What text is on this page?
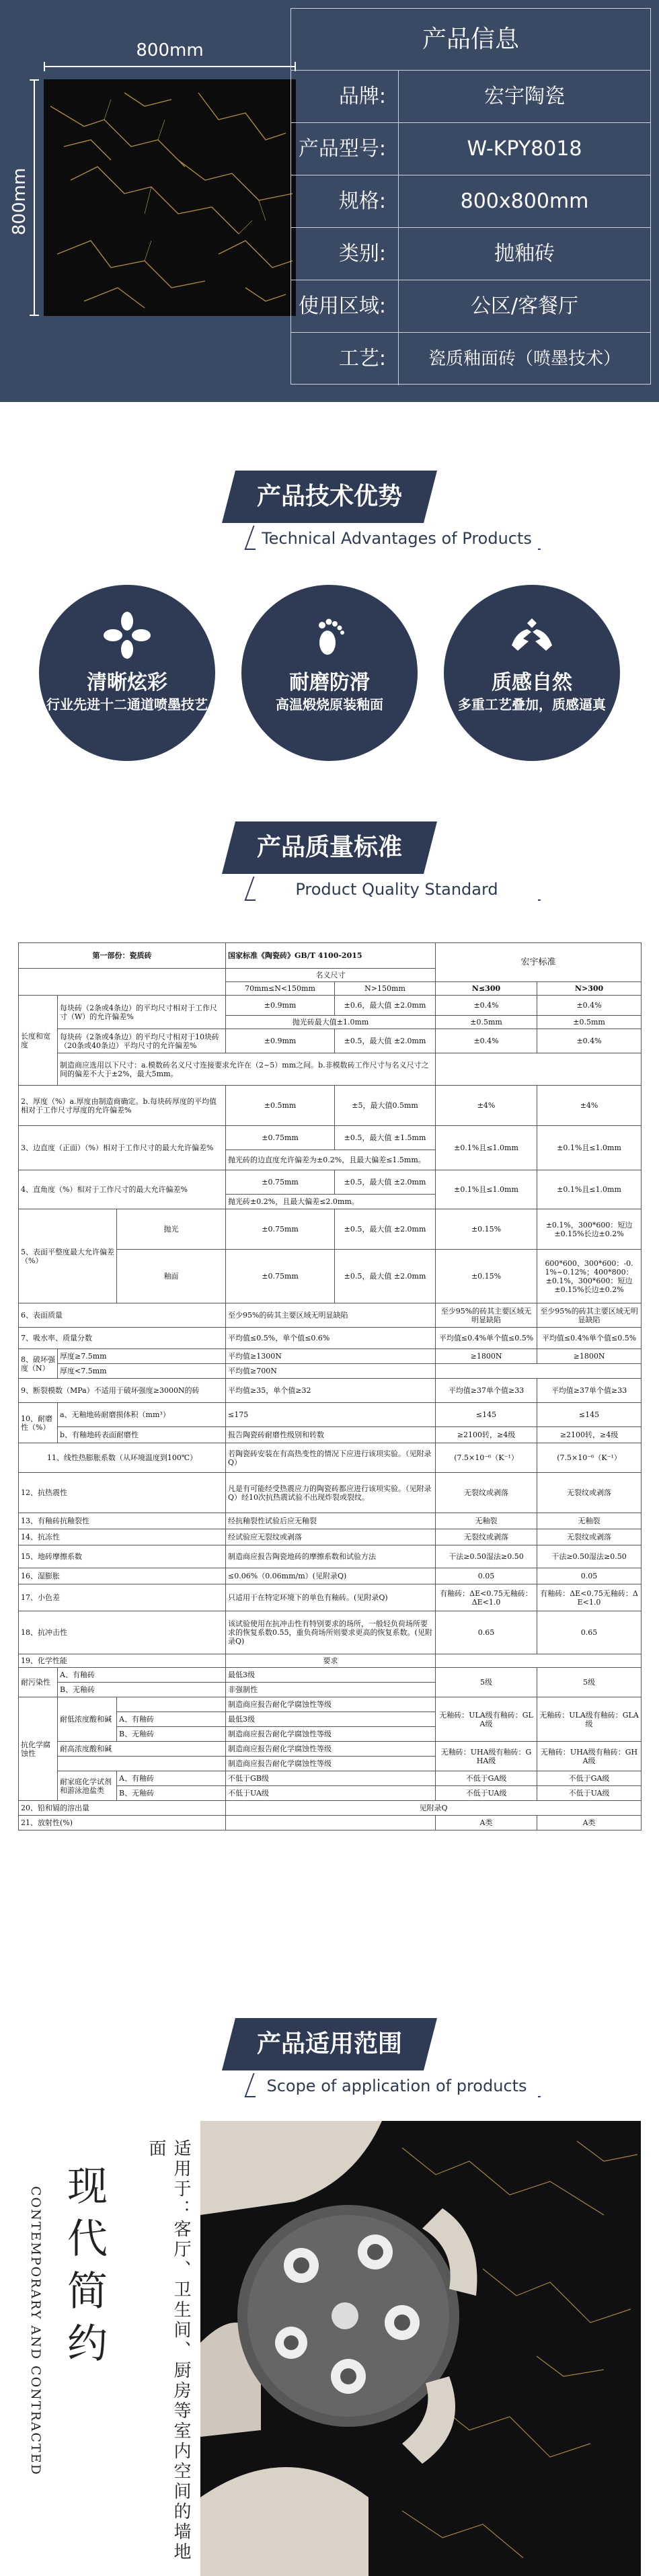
800mm
800mm
产品信息
品牌:	宏宇陶瓷
产品型号:	W-KPY8018
规格:	800x800mm
类别:	抛釉砖
使用区域:	公区/客餐厅
工艺:	瓷质釉面砖（喷墨技术）
产品技术优势
Technical Advantages of Products
清晰炫彩
行业先进十二通道喷墨技艺
耐磨防滑
高温煅烧原装釉面
质感自然
多重工艺叠加，质感逼真
产品质量标准
Product Quality Standard
第一部份：瓷质砖			国家标准《陶瓷砖》GB/T 4100-2015		宏宇标准	
			名义尺寸			
			70mm≤N<150mm	N>150mm	N≤300	N>300
长度和宽度	每块砖（2条或4条边）的平均尺寸相对于工作尺寸（W）的允许偏差%		±0.9mm	±0.6，最大值 ±2.0mm	±0.4%	±0.4%
			抛光砖最大值±1.0mm		±0.5mm	±0.5mm
	每块砖（2条或4条边）的平均尺寸相对于10块砖（20条或40条边）平均尺寸的允许偏差%		±0.9mm	±0.5，最大值 ±2.0mm	±0.4%	±0.4%
	制造商应选用以下尺寸：a.模数砖名义尺寸连接要求允许在（2~5）mm之间。b.非模数砖工作尺寸与名义尺寸之间的偏差不大于±2%，最大5mm。					
2、厚度（%）a.厚度由制造商确定。b.每块砖厚度的平均值相对于工作尺寸厚度的允许偏差%			±0.5mm	±5，最大值0.5mm	±4%	±4%
3、边直度（正面）（%）相对于工作尺寸的最大允许偏差%			±0.75mm	±0.5，最大值 ±1.5mm	±0.1%且≤1.0mm	±0.1%且≤1.0mm
			抛光砖的边直度允许偏差为±0.2%，且最大偏差≤1.5mm。			
4、直角度（%）相对于工作尺寸的最大允许偏差%			±0.75mm	±0.5，最大值 ±2.0mm	±0.1%且≤1.0mm	±0.1%且≤1.0mm
			抛光砖±0.2%，且最大偏差≤2.0mm。			
5、表面平整度最大允许偏差（%）		抛光	±0.75mm	±0.5，最大值 ±2.0mm	±0.15%	±0.1%，300*600：短边±0.15%长边±0.2%
		釉面	±0.75mm	±0.5，最大值 ±2.0mm	±0.15%	600*600、300*600：-0.1%~0.12%；400*800：±0.1%，300*600：短边±0.15%长边±0.2%
6、表面质量			至少95%的砖其主要区域无明显缺陷		至少95%的砖其主要区域无明显缺陷	至少95%的砖其主要区域无明显缺陷
7、吸水率、质量分数			平均值≤0.5%，单个值≤0.6%		平均值≤0.4%单个值≤0.5%	平均值≤0.4%单个值≤0.5%
8、破坏强度（N）	厚度≥7.5mm		平均值≥1300N		≥1800N	≥1800N
	厚度<7.5mm		平均值≥700N			
9、断裂模数（MPa）不适用于破坏强度≥3000N的砖			平均值≥35，单个值≥32		平均值≥37单个值≥33	平均值≥37单个值≥33
10、耐磨性（%）	a、无釉地砖耐磨损体积（mm³）		≤175		≤145	≤145
	b、有釉地砖表面耐磨性		报告陶瓷砖耐磨性级别和转数		≥2100转，≥4级	≥2100转，≥4级
11、线性热膨胀系数（从环境温度到100℃）			若陶瓷砖安装在有高热变性的情况下应进行该项实验。（见附录Q）		(7.5×10⁻⁶（K⁻¹）	(7.5×10⁻⁶（K⁻¹）
12、抗热震性			凡是有可能经受热震应力的陶瓷砖都应进行该项实验。（见附录Q）经10次抗热震试验不出现炸裂或裂纹。		无裂纹或剥落	无裂纹或剥落
13、有釉砖抗釉裂性			经抗釉裂性试验后应无釉裂		无釉裂	无釉裂
14、抗冻性			经试验应无裂纹或剥落		无裂纹或剥落	无裂纹或剥落
15、地砖摩擦系数			制造商应报告陶瓷地砖的摩擦系数和试验方法		干法≥0.50湿法≥0.50	干法≥0.50湿法≥0.50
16、湿膨胀			≤0.06%（0.06mm/m）(见附录Q)		0.05	0.05
17、小色差			只适用于在特定环境下的单色有釉砖。(见附录Q)		有釉砖：ΔE<0.75无釉砖：ΔE<1.0	有釉砖：ΔE<0.75无釉砖：ΔE<1.0
18、抗冲击性			该试验使用在抗冲击性有特别要求的场所，一般轻负荷场所要求的恢复系数0.55，重负荷场所则要求更高的恢复系数。(见附录Q)		0.65	0.65
19、化学性能			要求			
耐污染性	A、有釉砖		最低3级		5级	5级
	B、无釉砖		非强制性			
抗化学腐蚀性	耐低浓度酸和碱		制造商应报告耐化学腐蚀性等级		无釉砖：ULA级有釉砖：GLA级	无釉砖：ULA级有釉砖：GLA级
		A、有釉砖	最低3级			
		B、无釉砖	制造商应报告耐化学腐蚀性等级			
	耐高浓度酸和碱		制造商应报告耐化学腐蚀性等级		无釉砖：UHA级有釉砖：GHA级	无釉砖：UHA级有釉砖：GHA级
			制造商应报告耐化学腐蚀性等级			
	耐家庭化学试剂和游泳池盐类	A、有釉砖	不低于GB级		不低于GA级	不低于GA级
		B、无釉砖	不低于UA级		不低于UA级	不低于UA级
20、铅和镉的溶出量			见附录Q			
21、放射性(%)					A类	A类
产品适用范围
Scope of application of products
现代简约
CONTEMPORARY AND CONTRACTED	适用于：客厅、卫生间、厨房等室内空间的墙地面
